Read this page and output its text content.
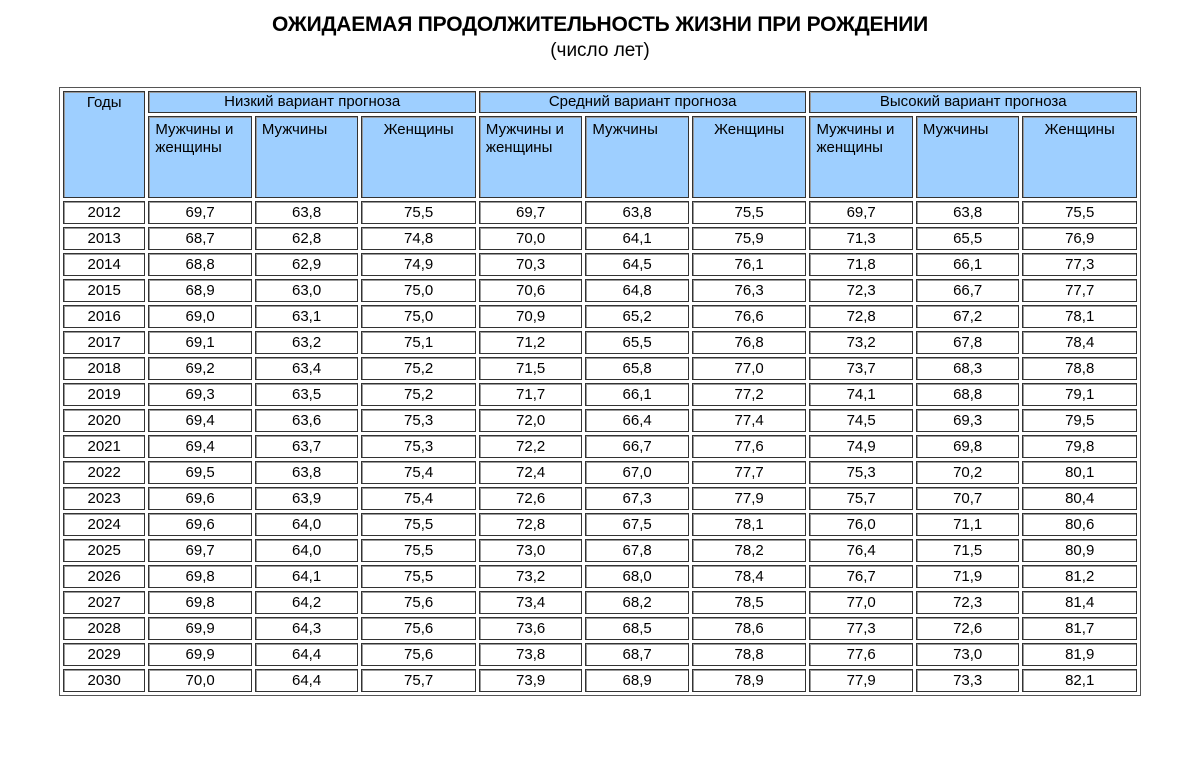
ОЖИДАЕМАЯ ПРОДОЛЖИТЕЛЬНОСТЬ ЖИЗНИ ПРИ РОЖДЕНИИ
(число лет)
Годы	Низкий вариант прогноза			Средний вариант прогноза			Высокий вариант прогноза		
	Мужчины и женщины	Мужчины	Женщины	Мужчины и женщины	Мужчины	Женщины	Мужчины и женщины	Мужчины	Женщины
2012	69,7	63,8	75,5	69,7	63,8	75,5	69,7	63,8	75,5
2013	68,7	62,8	74,8	70,0	64,1	75,9	71,3	65,5	76,9
2014	68,8	62,9	74,9	70,3	64,5	76,1	71,8	66,1	77,3
2015	68,9	63,0	75,0	70,6	64,8	76,3	72,3	66,7	77,7
2016	69,0	63,1	75,0	70,9	65,2	76,6	72,8	67,2	78,1
2017	69,1	63,2	75,1	71,2	65,5	76,8	73,2	67,8	78,4
2018	69,2	63,4	75,2	71,5	65,8	77,0	73,7	68,3	78,8
2019	69,3	63,5	75,2	71,7	66,1	77,2	74,1	68,8	79,1
2020	69,4	63,6	75,3	72,0	66,4	77,4	74,5	69,3	79,5
2021	69,4	63,7	75,3	72,2	66,7	77,6	74,9	69,8	79,8
2022	69,5	63,8	75,4	72,4	67,0	77,7	75,3	70,2	80,1
2023	69,6	63,9	75,4	72,6	67,3	77,9	75,7	70,7	80,4
2024	69,6	64,0	75,5	72,8	67,5	78,1	76,0	71,1	80,6
2025	69,7	64,0	75,5	73,0	67,8	78,2	76,4	71,5	80,9
2026	69,8	64,1	75,5	73,2	68,0	78,4	76,7	71,9	81,2
2027	69,8	64,2	75,6	73,4	68,2	78,5	77,0	72,3	81,4
2028	69,9	64,3	75,6	73,6	68,5	78,6	77,3	72,6	81,7
2029	69,9	64,4	75,6	73,8	68,7	78,8	77,6	73,0	81,9
2030	70,0	64,4	75,7	73,9	68,9	78,9	77,9	73,3	82,1
